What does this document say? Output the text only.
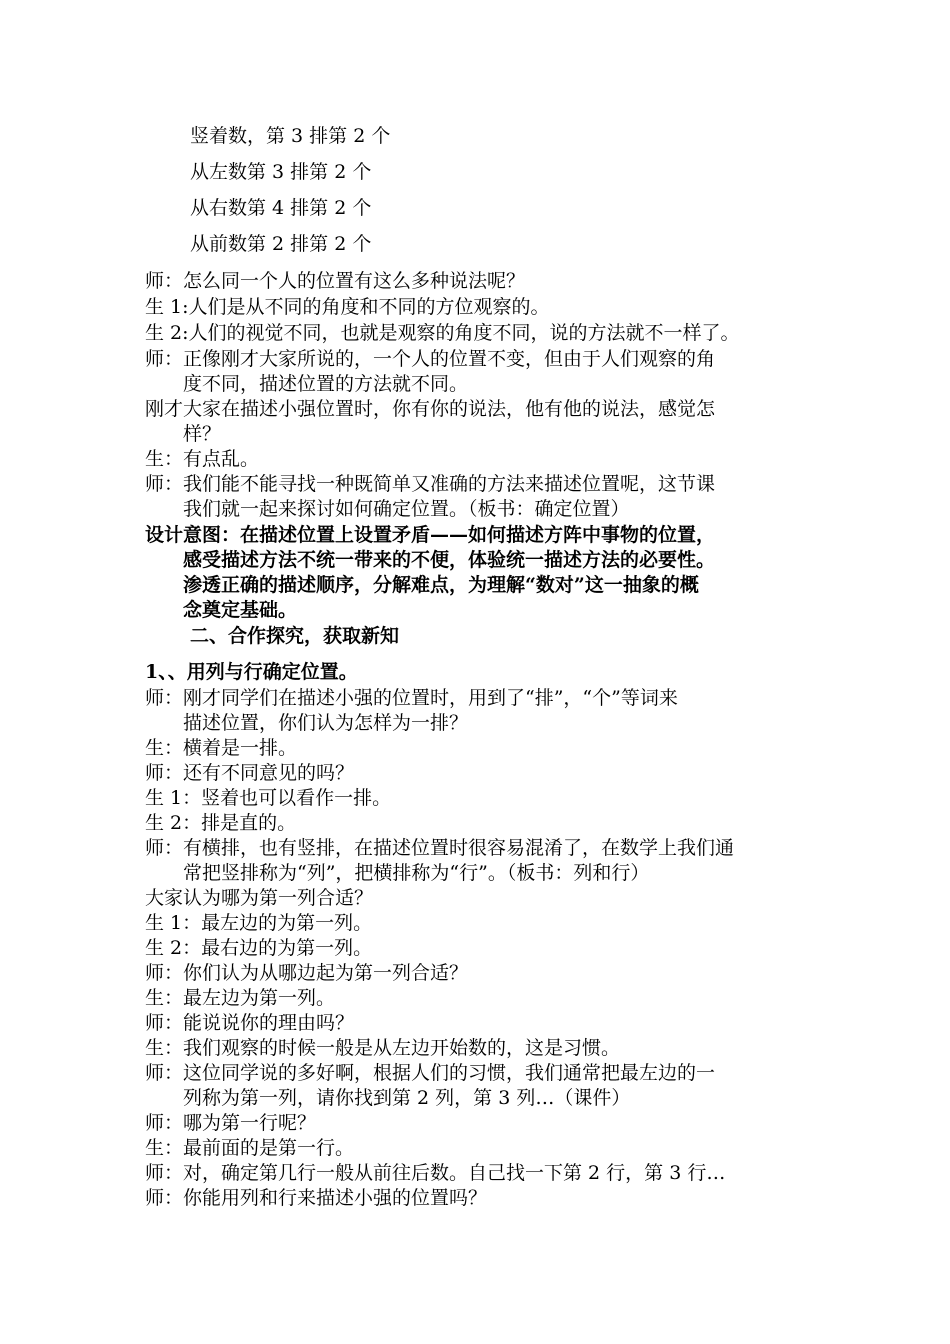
竖着数，第 3 排第 2 个
从左数第 3 排第 2 个
从右数第 4 排第 2 个
从前数第 2 排第 2 个
师：怎么同一个人的位置有这么多种说法呢？
生 1:人们是从不同的角度和不同的方位观察的。
生 2:人们的视觉不同，也就是观察的角度不同，说的方法就不一样了。
师：正像刚才大家所说的，一个人的位置不变，但由于人们观察的角
度不同，描述位置的方法就不同。
刚才大家在描述小强位置时，你有你的说法，他有他的说法，感觉怎
样？
生：有点乱。
师：我们能不能寻找一种既简单又准确的方法来描述位置呢，这节课
我们就一起来探讨如何确定位置。（板书：确定位置）
设计意图：在描述位置上设置矛盾——如何描述方阵中事物的位置，
感受描述方法不统一带来的不便，体验统一描述方法的必要性。
渗透正确的描述顺序，分解难点，为理解“数对”这一抽象的概
念奠定基础。
二、合作探究，获取新知
1、、用列与行确定位置。
师：刚才同学们在描述小强的位置时，用到了“排”，“个”等词来
描述位置，你们认为怎样为一排？
生：横着是一排。
师：还有不同意见的吗？
生 1：竖着也可以看作一排。
生 2：排是直的。
师：有横排，也有竖排，在描述位置时很容易混淆了，在数学上我们通
常把竖排称为“列”，把横排称为“行”。（板书：列和行）
大家认为哪为第一列合适？
生 1：最左边的为第一列。
生 2：最右边的为第一列。
师：你们认为从哪边起为第一列合适？
生：最左边为第一列。
师：能说说你的理由吗？
生：我们观察的时候一般是从左边开始数的，这是习惯。
师：这位同学说的多好啊，根据人们的习惯，我们通常把最左边的一
列称为第一列，请你找到第 2 列，第 3 列…（课件）
师：哪为第一行呢？
生：最前面的是第一行。
师：对，确定第几行一般从前往后数。自己找一下第 2 行，第 3 行…
师：你能用列和行来描述小强的位置吗？
